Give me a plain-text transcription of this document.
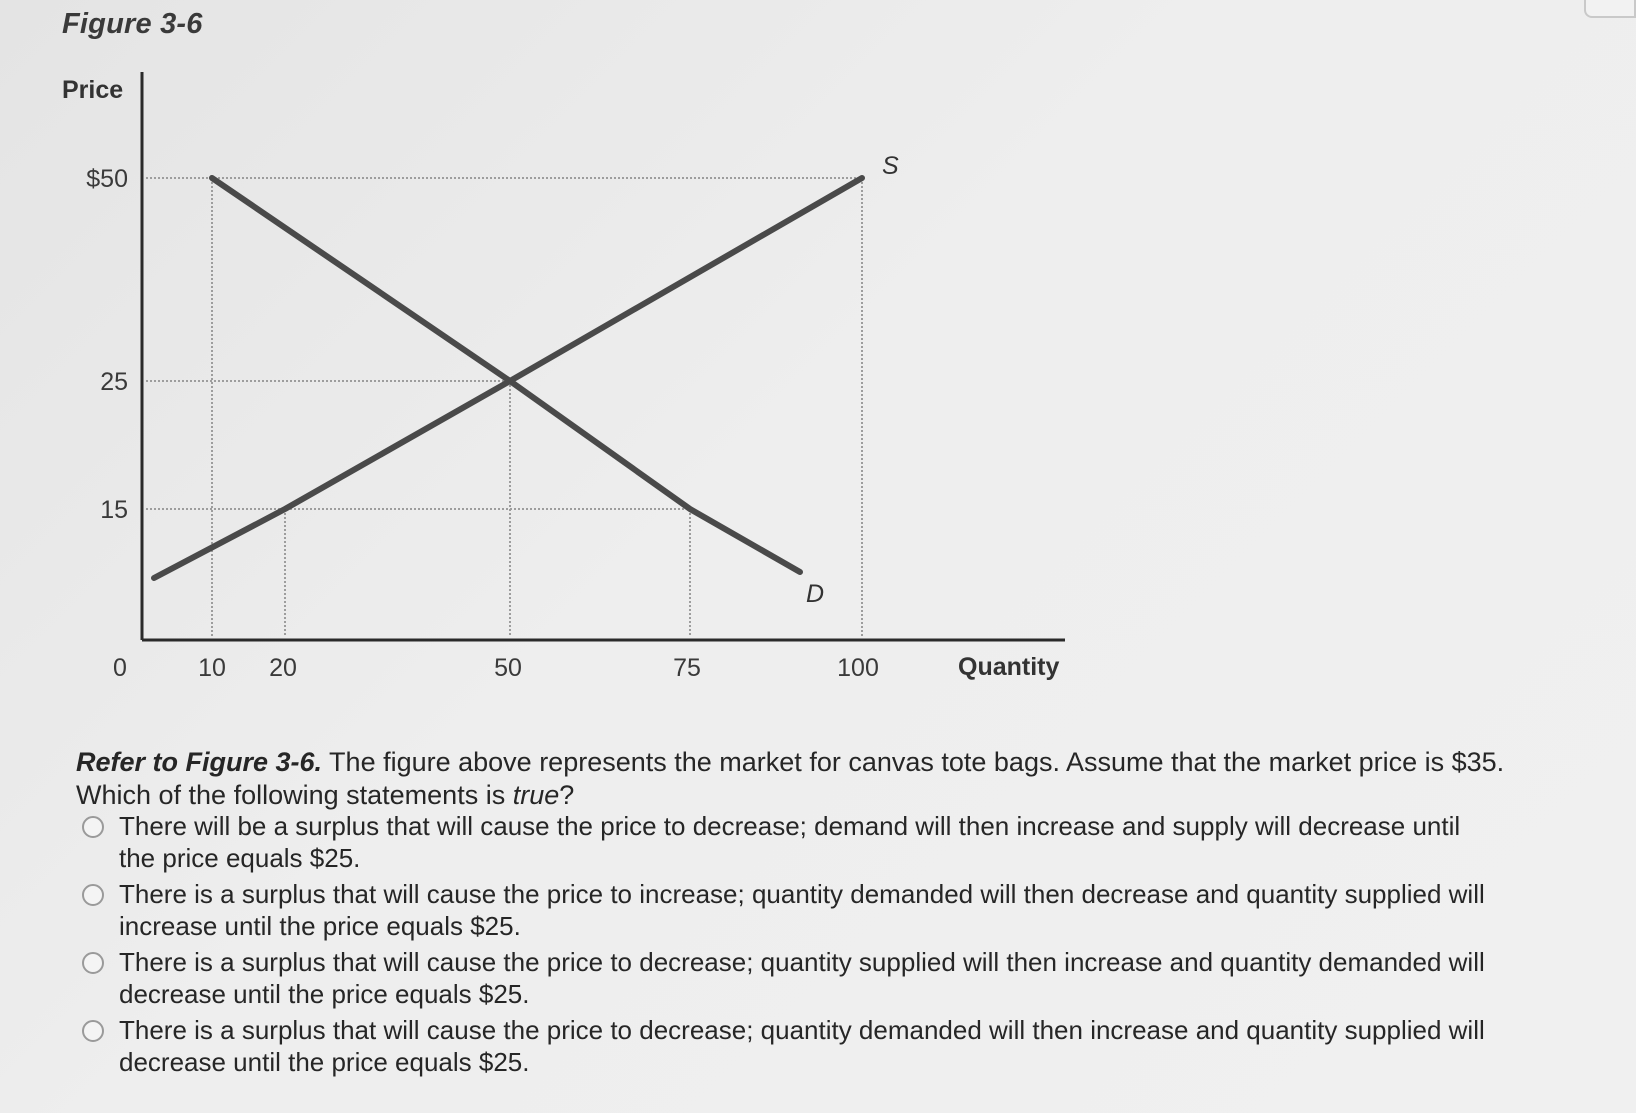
Figure 3-6
$50
25
15
0	10 20	50	75	100
D
S
Price
Quantity
Refer to Figure 3-6. The figure above represents the market for canvas tote bags. Assume that the market price is $35. Which of the following statements is true?
There will be a surplus that will cause the price to decrease; demand will then increase and supply will decrease until the price equals $25.
There is a surplus that will cause the price to increase; quantity demanded will then decrease and quantity supplied will increase until the price equals $25.
There is a surplus that will cause the price to decrease; quantity supplied will then increase and quantity demanded will decrease until the price equals $25.
There is a surplus that will cause the price to decrease; quantity demanded will then increase and quantity supplied will decrease until the price equals $25.
